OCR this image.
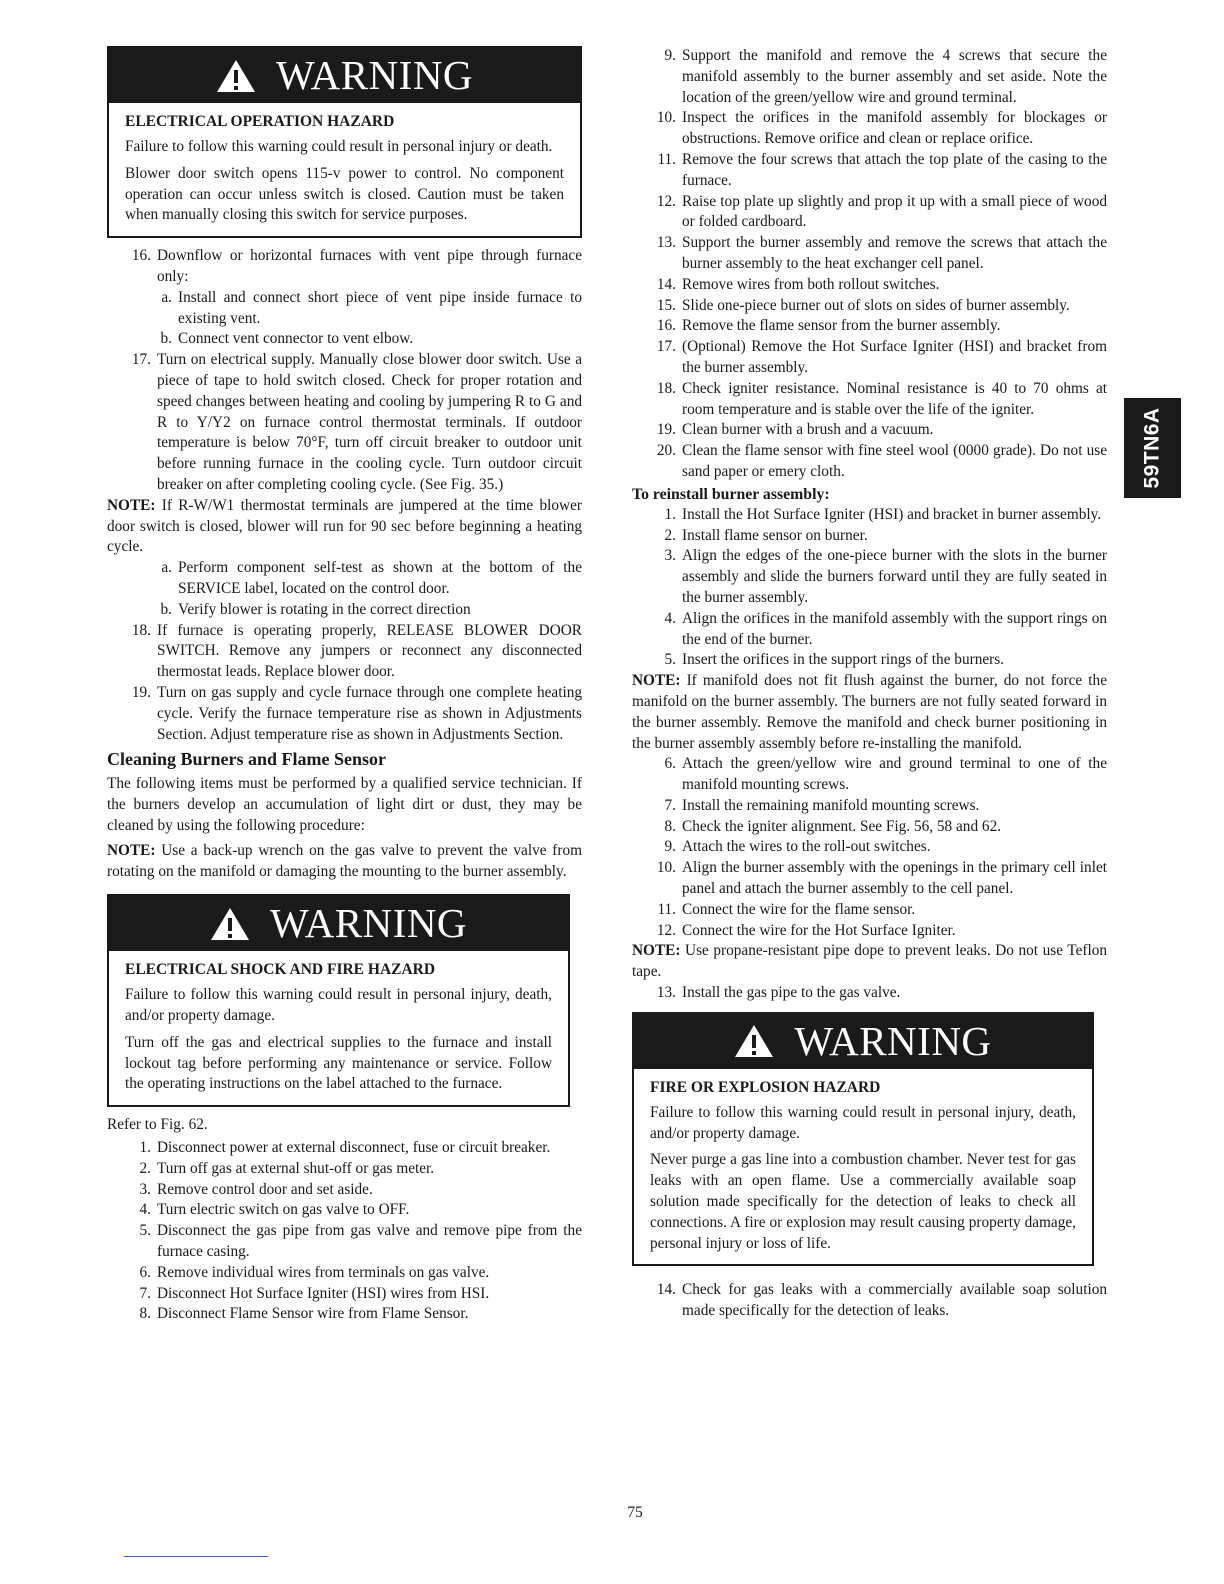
WARNING

ELECTRICAL OPERATION HAZARD

Failure to follow this warning could result in personal injury or death.

Blower door switch opens 115-v power to control. No component operation can occur unless switch is closed. Caution must be taken when manually closing this switch for service purposes.

16. Downflow or horizontal furnaces with vent pipe through furnace only:
a. Install and connect short piece of vent pipe inside furnace to existing vent.
b. Connect vent connector to vent elbow.
17. Turn on electrical supply. Manually close blower door switch. Use a piece of tape to hold switch closed. Check for proper rotation and speed changes between heating and cooling by jumpering R to G and R to Y/Y2 on furnace control thermostat terminals. If outdoor temperature is below 70°F, turn off circuit breaker to outdoor unit before running furnace in the cooling cycle. Turn outdoor circuit breaker on after completing cooling cycle. (See Fig. 35.)

NOTE: If R-W/W1 thermostat terminals are jumpered at the time blower door switch is closed, blower will run for 90 sec before beginning a heating cycle.

a. Perform component self-test as shown at the bottom of the SERVICE label, located on the control door.
b. Verify blower is rotating in the correct direction
18. If furnace is operating properly, RELEASE BLOWER DOOR SWITCH. Remove any jumpers or reconnect any disconnected thermostat leads. Replace blower door.
19. Turn on gas supply and cycle furnace through one complete heating cycle. Verify the furnace temperature rise as shown in Adjustments Section. Adjust temperature rise as shown in Adjustments Section.
Cleaning Burners and Flame Sensor

The following items must be performed by a qualified service technician. If the burners develop an accumulation of light dirt or dust, they may be cleaned by using the following procedure:

NOTE: Use a back-up wrench on the gas valve to prevent the valve from rotating on the manifold or damaging the mounting to the burner assembly.

WARNING

ELECTRICAL SHOCK AND FIRE HAZARD

Failure to follow this warning could result in personal injury, death, and/or property damage.

Turn off the gas and electrical supplies to the furnace and install lockout tag before performing any maintenance or service. Follow the operating instructions on the label attached to the furnace.

Refer to Fig. 62.

1. Disconnect power at external disconnect, fuse or circuit breaker.
2. Turn off gas at external shut-off or gas meter.
3. Remove control door and set aside.
4. Turn electric switch on gas valve to OFF.
5. Disconnect the gas pipe from gas valve and remove pipe from the furnace casing.
6. Remove individual wires from terminals on gas valve.
7. Disconnect Hot Surface Igniter (HSI) wires from HSI.
8. Disconnect Flame Sensor wire from Flame Sensor.
9. Support the manifold and remove the 4 screws that secure the manifold assembly to the burner assembly and set aside. Note the location of the green/yellow wire and ground terminal.
10. Inspect the orifices in the manifold assembly for blockages or obstructions. Remove orifice and clean or replace orifice.
11. Remove the four screws that attach the top plate of the casing to the furnace.
12. Raise top plate up slightly and prop it up with a small piece of wood or folded cardboard.
13. Support the burner assembly and remove the screws that attach the burner assembly to the heat exchanger cell panel.
14. Remove wires from both rollout switches.
15. Slide one-piece burner out of slots on sides of burner assembly.
16. Remove the flame sensor from the burner assembly.
17. (Optional) Remove the Hot Surface Igniter (HSI) and bracket from the burner assembly.
18. Check igniter resistance. Nominal resistance is 40 to 70 ohms at room temperature and is stable over the life of the igniter.
19. Clean burner with a brush and a vacuum.
20. Clean the flame sensor with fine steel wool (0000 grade). Do not use sand paper or emery cloth.

To reinstall burner assembly:

1. Install the Hot Surface Igniter (HSI) and bracket in burner assembly.
2. Install flame sensor on burner.
3. Align the edges of the one-piece burner with the slots in the burner assembly and slide the burners forward until they are fully seated in the burner assembly.
4. Align the orifices in the manifold assembly with the support rings on the end of the burner.
5. Insert the orifices in the support rings of the burners.

NOTE: If manifold does not fit flush against the burner, do not force the manifold on the burner assembly. The burners are not fully seated forward in the burner assembly. Remove the manifold and check burner positioning in the burner assembly assembly before re-installing the manifold.

6. Attach the green/yellow wire and ground terminal to one of the manifold mounting screws.
7. Install the remaining manifold mounting screws.
8. Check the igniter alignment. See Fig. 56, 58 and 62.
9. Attach the wires to the roll-out switches.
10. Align the burner assembly with the openings in the primary cell inlet panel and attach the burner assembly to the cell panel.
11. Connect the wire for the flame sensor.
12. Connect the wire for the Hot Surface Igniter.

NOTE: Use propane-resistant pipe dope to prevent leaks. Do not use Teflon tape.

13. Install the gas pipe to the gas valve.
WARNING

FIRE OR EXPLOSION HAZARD

Failure to follow this warning could result in personal injury, death, and/or property damage.

Never purge a gas line into a combustion chamber. Never test for gas leaks with an open flame. Use a commercially available soap solution made specifically for the detection of leaks to check all connections. A fire or explosion may result causing property damage, personal injury or loss of life.

14. Check for gas leaks with a commercially available soap solution made specifically for the detection of leaks.
59TN6A
75
